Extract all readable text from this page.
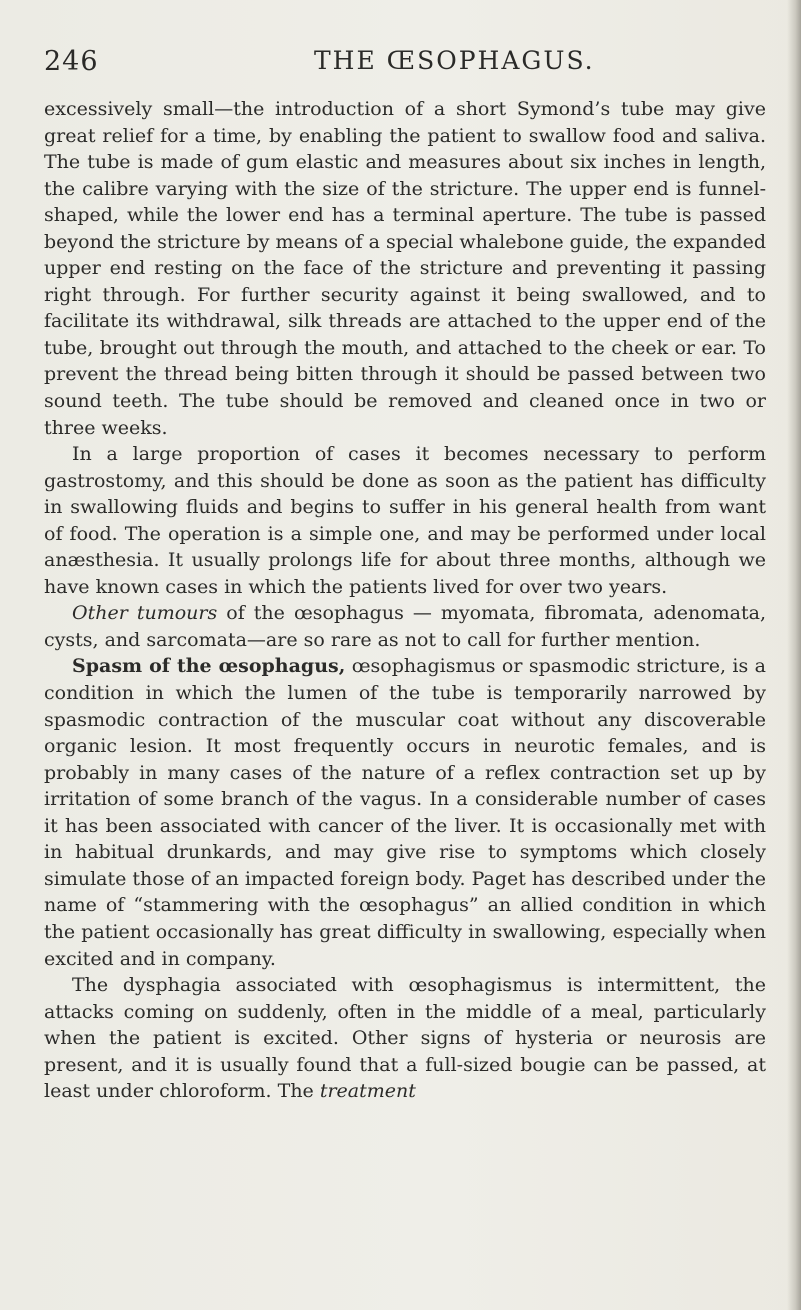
246	THE ŒSOPHAGUS.

excessively small—the introduction of a short Symond’s tube may give great relief for a time, by enabling the patient to swallow food and saliva. The tube is made of gum elastic and measures about six inches in length, the calibre varying with the size of the stricture. The upper end is funnel-shaped, while the lower end has a terminal aperture. The tube is passed beyond the stricture by means of a special whalebone guide, the expanded upper end resting on the face of the stricture and preventing it passing right through. For further security against it being swallowed, and to facilitate its withdrawal, silk threads are attached to the upper end of the tube, brought out through the mouth, and attached to the cheek or ear. To prevent the thread being bitten through it should be passed between two sound teeth. The tube should be removed and cleaned once in two or three weeks.

In a large proportion of cases it becomes necessary to perform gastrostomy, and this should be done as soon as the patient has difficulty in swallowing fluids and begins to suffer in his general health from want of food. The operation is a simple one, and may be performed under local anæsthesia. It usually prolongs life for about three months, although we have known cases in which the patients lived for over two years.

Other tumours of the œsophagus — myomata, fibromata, adenomata, cysts, and sarcomata—are so rare as not to call for further mention.

Spasm of the œsophagus, œsophagismus or spasmodic stricture, is a condition in which the lumen of the tube is temporarily narrowed by spasmodic contraction of the muscular coat without any discoverable organic lesion. It most frequently occurs in neurotic females, and is probably in many cases of the nature of a reflex contraction set up by irritation of some branch of the vagus. In a considerable number of cases it has been associated with cancer of the liver. It is occasionally met with in habitual drunkards, and may give rise to symptoms which closely simulate those of an impacted foreign body. Paget has described under the name of “stammering with the œsophagus” an allied condition in which the patient occasionally has great difficulty in swallowing, especially when excited and in company.

The dysphagia associated with œsophagismus is intermittent, the attacks coming on suddenly, often in the middle of a meal, particularly when the patient is excited. Other signs of hysteria or neurosis are present, and it is usually found that a full-sized bougie can be passed, at least under chloroform. The treatment
